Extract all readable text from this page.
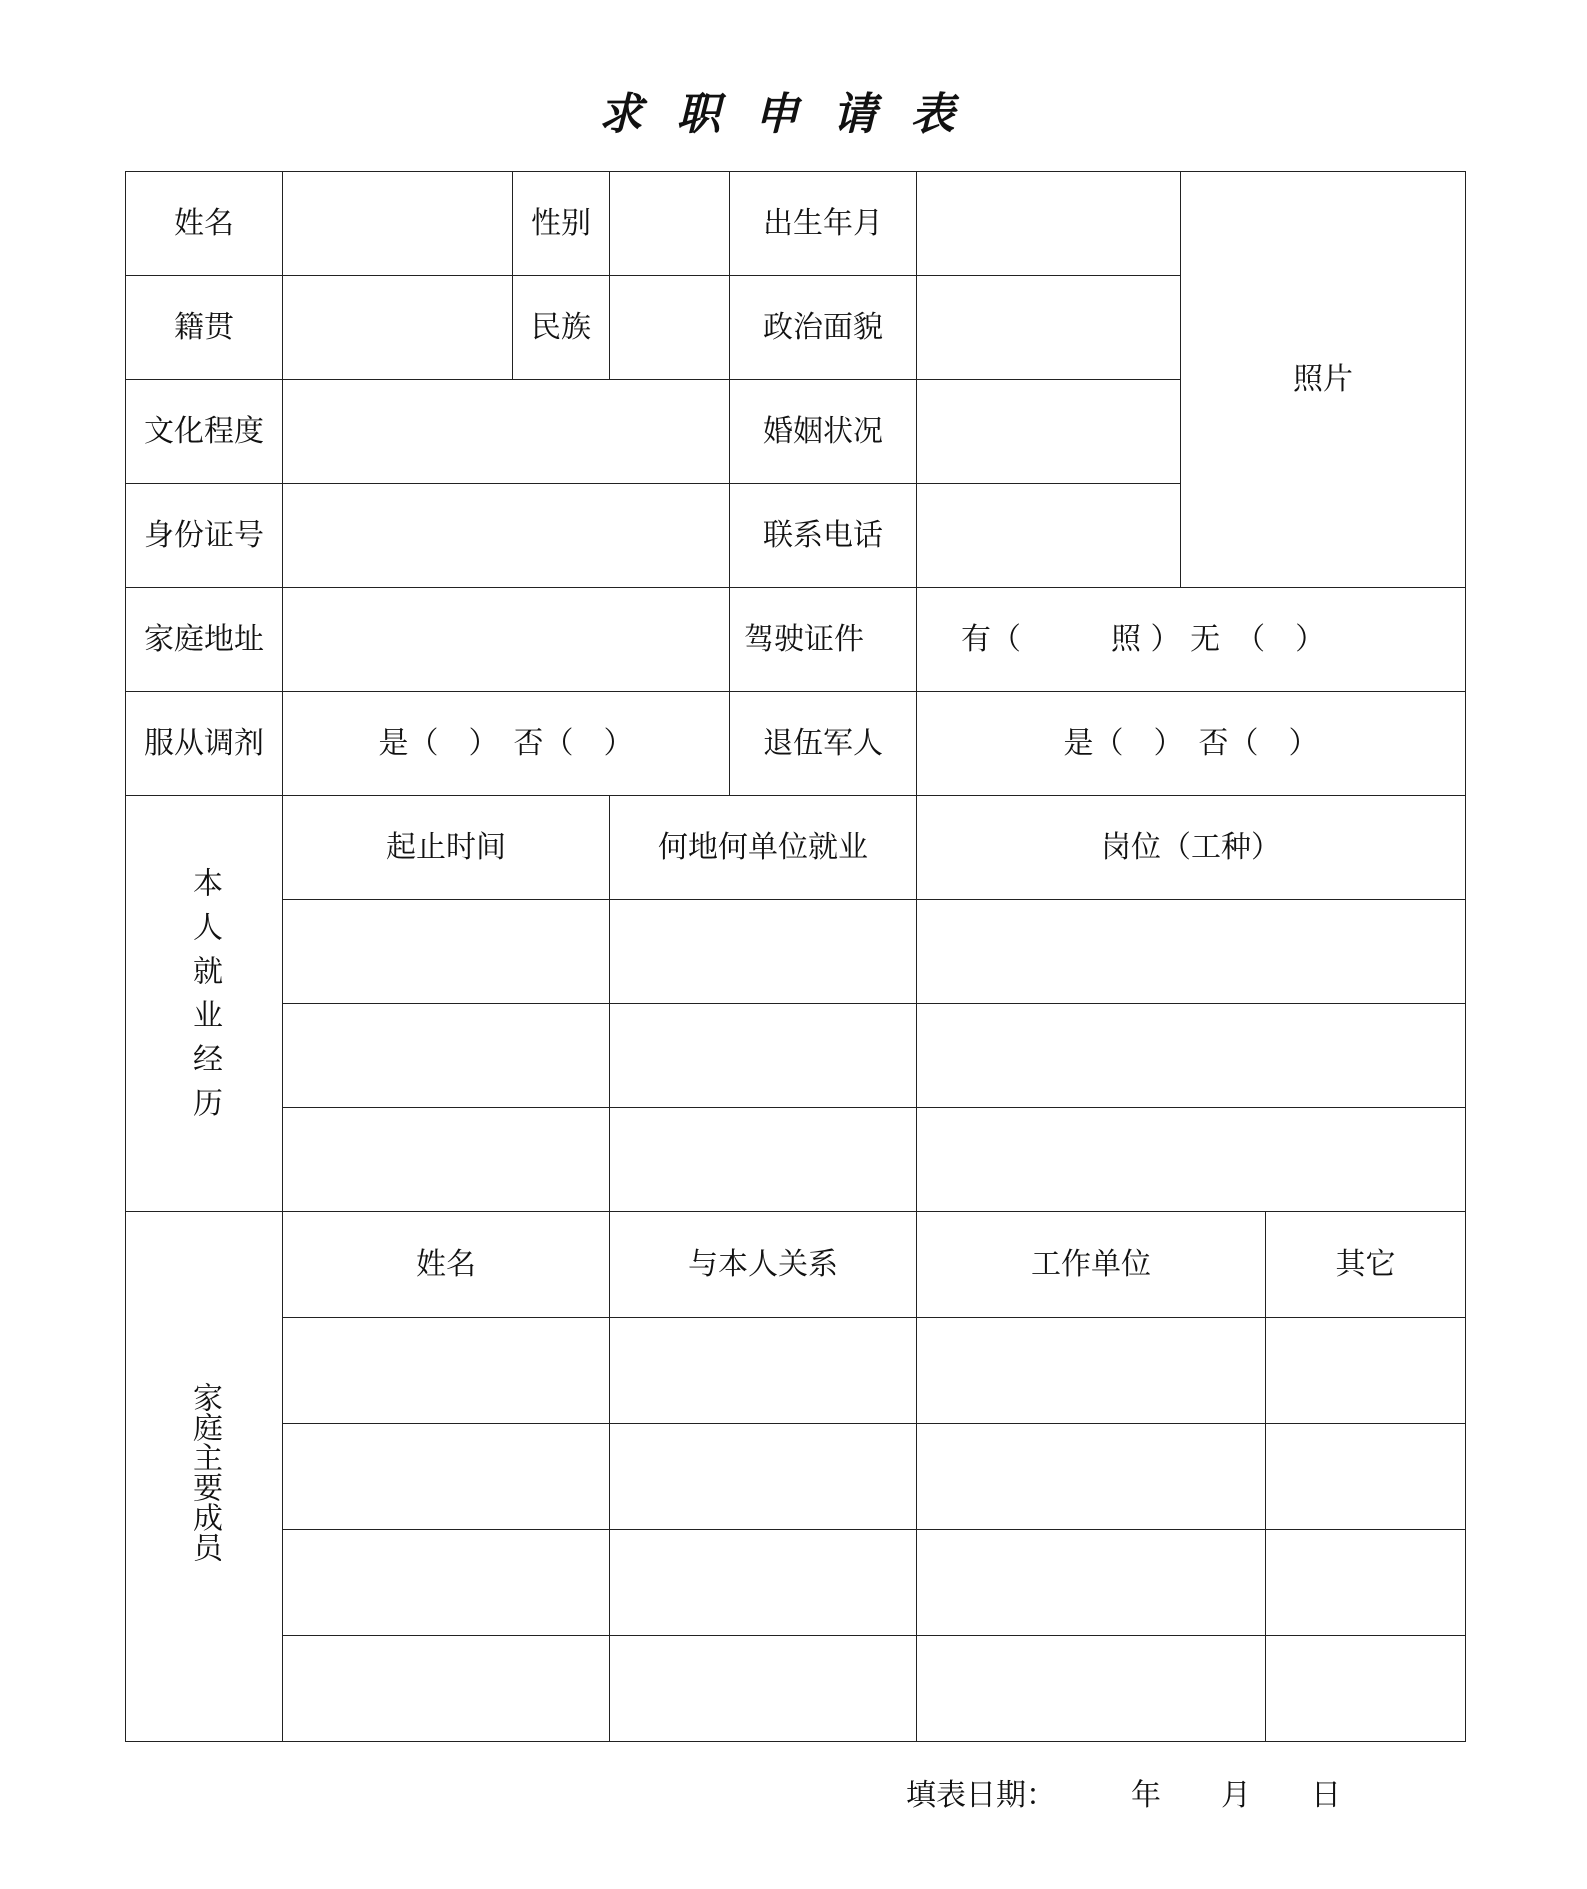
求职申请表
姓名		性别		出生年月		照片	
籍贯		民族		政治面貌			
文化程度				婚姻状况			
身份证号				联系电话			
家庭地址				驾驶证件	有（　　　照 ） 无　（　）		
服从调剂	是（　）　否（　）			退伍军人	是（　）　否（　）		
本人就业经历	起止时间		何地何单位就业		岗位（工种）		

家庭主要成员	姓名		与本人关系		工作单位		其它

填表日期：　　　年　　月　　日
